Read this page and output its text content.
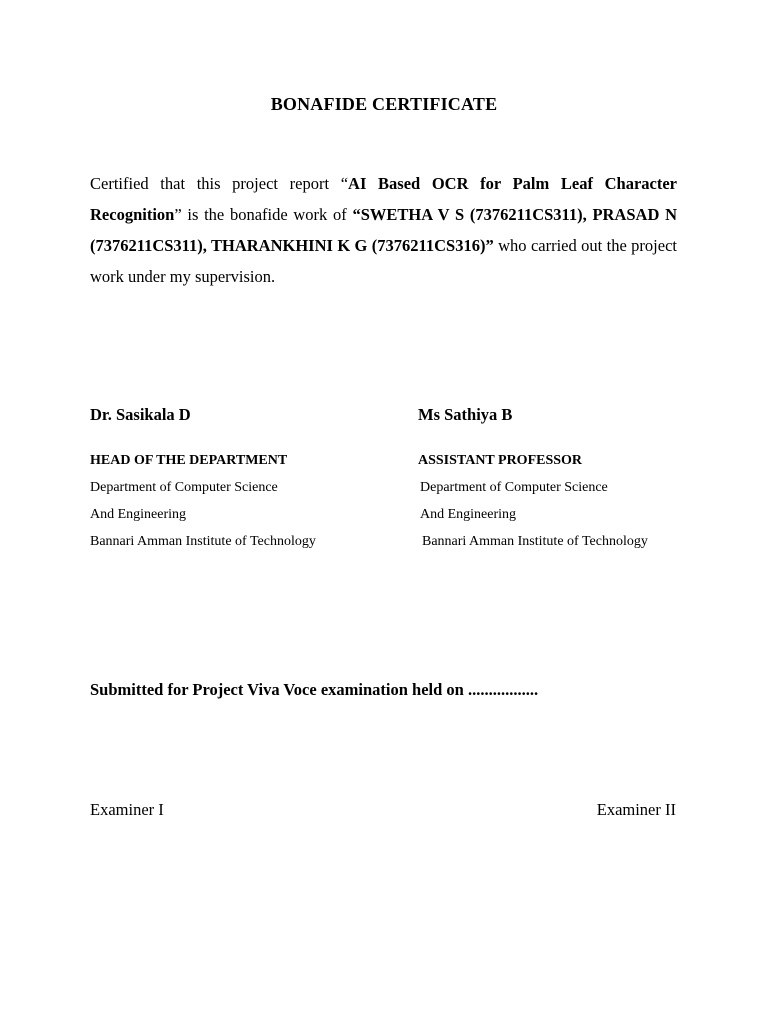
BONAFIDE CERTIFICATE
Certified that this project report “AI Based OCR for Palm Leaf Character Recognition” is the bonafide work of “SWETHA V S (7376211CS311), PRASAD N (7376211CS311), THARANKHINI K G (7376211CS316)” who carried out the project work under my supervision.
Dr. Sasikala D
HEAD OF THE DEPARTMENT
Department of Computer Science
And Engineering
Bannari Amman Institute of Technology
Ms Sathiya B
ASSISTANT PROFESSOR
Department of Computer Science
And Engineering
Bannari Amman Institute of Technology
Submitted for Project Viva Voce examination held on .................
Examiner I	Examiner II
